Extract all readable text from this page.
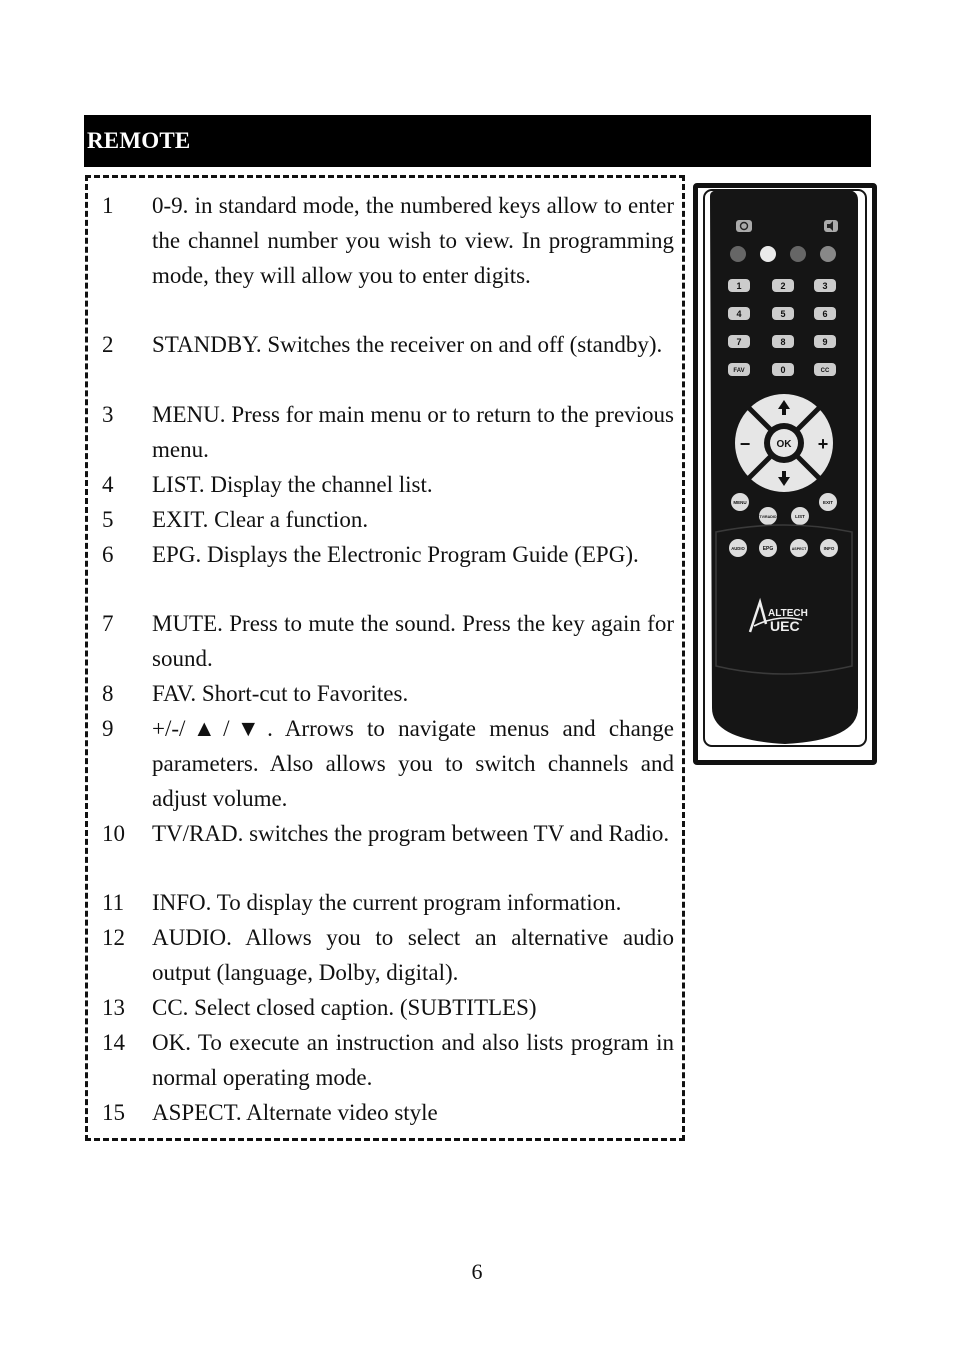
REMOTE
1 0-9. in standard mode, the numbered keys allow to enter the channel number you wish to view. In programming mode, they will allow you to enter digits.
2 STANDBY. Switches the receiver on and off (standby).
3 MENU. Press for main menu or to return to the previous menu.
4 LIST. Display the channel list.
5 EXIT. Clear a function.
6 EPG. Displays the Electronic Program Guide (EPG).
7 MUTE. Press to mute the sound. Press the key again for sound.
8 FAV. Short-cut to Favorites.
9 +/-/▲/▼. Arrows to navigate menus and change parameters. Also allows you to switch channels and adjust volume.
10 TV/RAD. switches the program between TV and Radio.
11 INFO. To display the current program information.
12 AUDIO. Allows you to select an alternative audio output (language, Dolby, digital).
13 CC. Select closed caption. (SUBTITLES)
14 OK. To execute an instruction and also lists program in normal operating mode.
15 ASPECT. Alternate video style
1	2	3
4	5	6
7	8	9
FAV	0	CC
OK +
−
MENU
TV/RADIO	LIST
EXIT
AUDIO	EPG	ASPECT	INFO
ALTECH
UEC
6
